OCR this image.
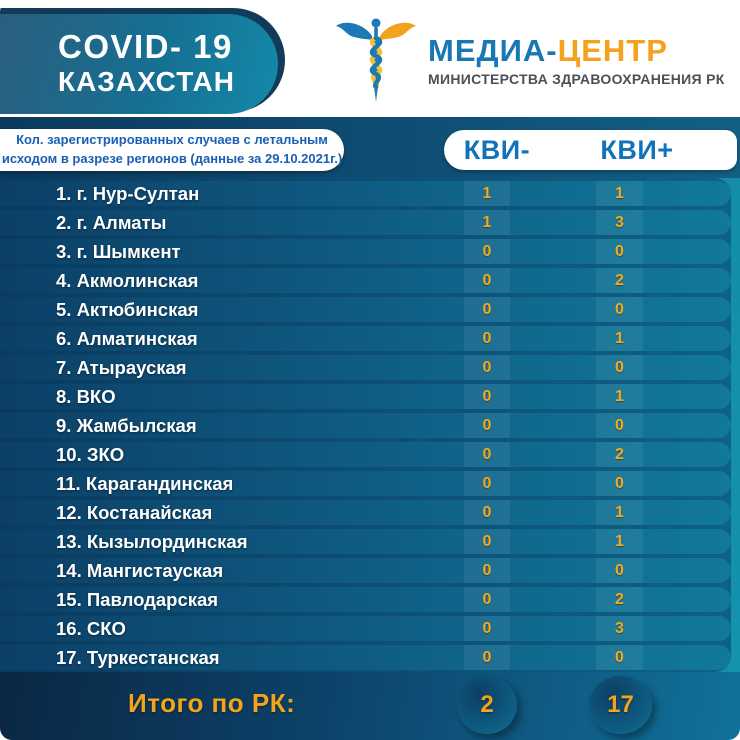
COVID- 19
КАЗАХСТАН
МЕДИА-ЦЕНТР
МИНИСТЕРСТВА ЗДРАВООХРАНЕНИЯ РК
Кол. зарегистрированных случаев с летальным
исходом в разрезе регионов (данные за 29.10.2021г.)	КВИ-	КВИ+
1. г. Нур-Султан	1	1
2. г. Алматы	1	3
3. г. Шымкент	0	0
4. Акмолинская	0	2
5. Актюбинская	0	0
6. Алматинская	0	1
7. Атырауская	0	0
8. ВКО	0	1
9. Жамбылская	0	0
10. ЗКО	0	2
11. Карагандинская	0	0
12. Костанайская	0	1
13. Кызылординская	0	1
14. Мангистауская	0	0
15. Павлодарская	0	2
16. СКО	0	3
17. Туркестанская	0	0
Итого по РК:	2	17
